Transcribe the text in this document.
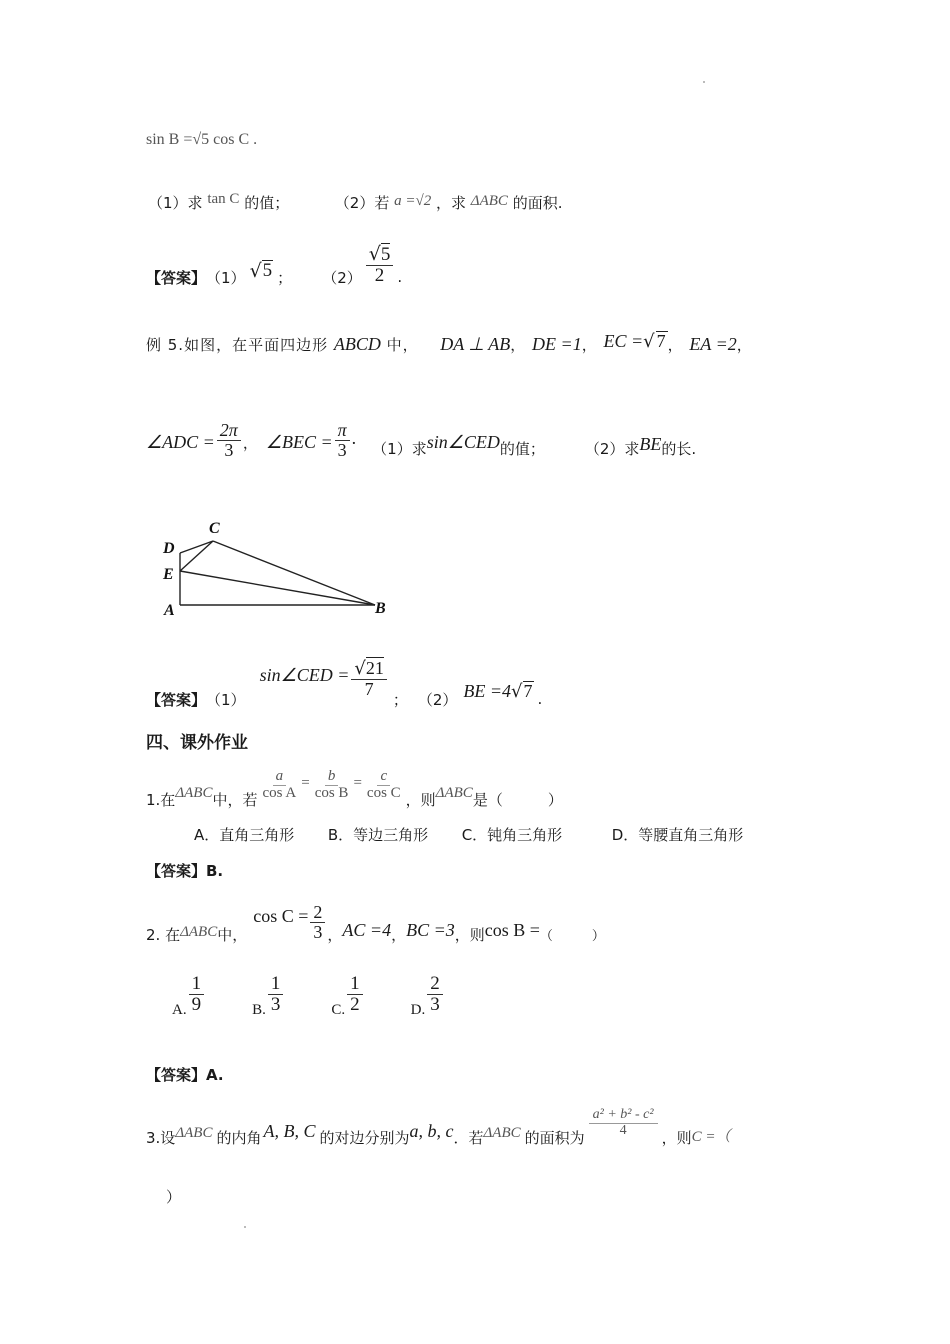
sin B =√5 cos C .
（1）求 tan C 的值；	（2）若 a =√2 ，求 ΔABC 的面积.
【答案】 （1） √ 5 ； $(2) \frac{√5}{2}$ .
例 5.如图，在平面四边形 ABCD 中， DA ⊥ AB， DE =1， EC = √ 7 ， EA =2，
∠ADC = $\frac{2\pi}{3}$ ， ∠BEC = $\frac{\pi}{3}$ .
（1）求 sin∠CED 的值；	（2）求 BE 的长.
C
D
E
A	B
【答案】 （1）
sin∠CED = $\frac{√21}{7}$
； （2） BE =4 √ 7 .
四、课外作业
1.在 ΔABC 中，若 $\frac{a}{\text{cos A}} = \frac{b}{\text{cos B}} = \frac{c}{\text{cos C}}$ ，则 ΔABC 是（　　　）
A．直角三角形 B．等边三角形 C．钝角三角形	D．等腰直角三角形
【答案】B.
2. 在 ΔABC 中，
$\cos C = \frac{2}{3}$ ， AC =4 ， BC =3 ，则 cos B = （　　　）
A. $\frac{1}{9}$	B. $\frac{1}{3}$	C. $\frac{1}{2}$	D. $\frac{2}{3}$
【答案】A.
3.设 ΔABC 的内角 A, B, C 的对边分别为 a, b, c ．若 ΔABC 的面积为 $\frac{\text{a² + b² - c²}}{4}$ ，则 C =（
）
